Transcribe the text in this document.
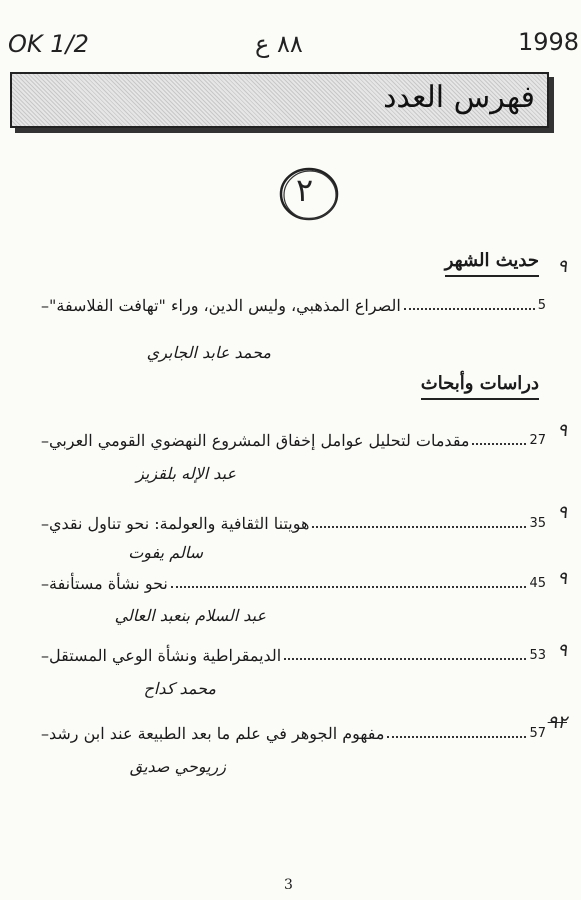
OK 1/2	٨٨ ع	1998
فهرس العدد
٢
حديث الشهر ٩
– الصراع المذهبي، وليس الدين، وراء "تهافت الفلاسفة"	5
محمد عابد الجابري
دراسات وأبحاث
٩
– مقدمات لتحليل عوامل إخفاق المشروع النهضوي القومي العربي	27
عبد الإله بلقزيز
٩
– هويتنا الثقافية والعولمة: نحو تناول نقدي	35
سالم يفوت
٩
– نحو نشأة مستأنفة	45
عبد السلام بنعبد العالي
٩
– الديمقراطية ونشأة الوعي المستقل	53
محمد كداح
٩٢
– مفهوم الجوهر في علم ما بعد الطبيعة عند ابن رشد	57
زريوحي صديق
3
